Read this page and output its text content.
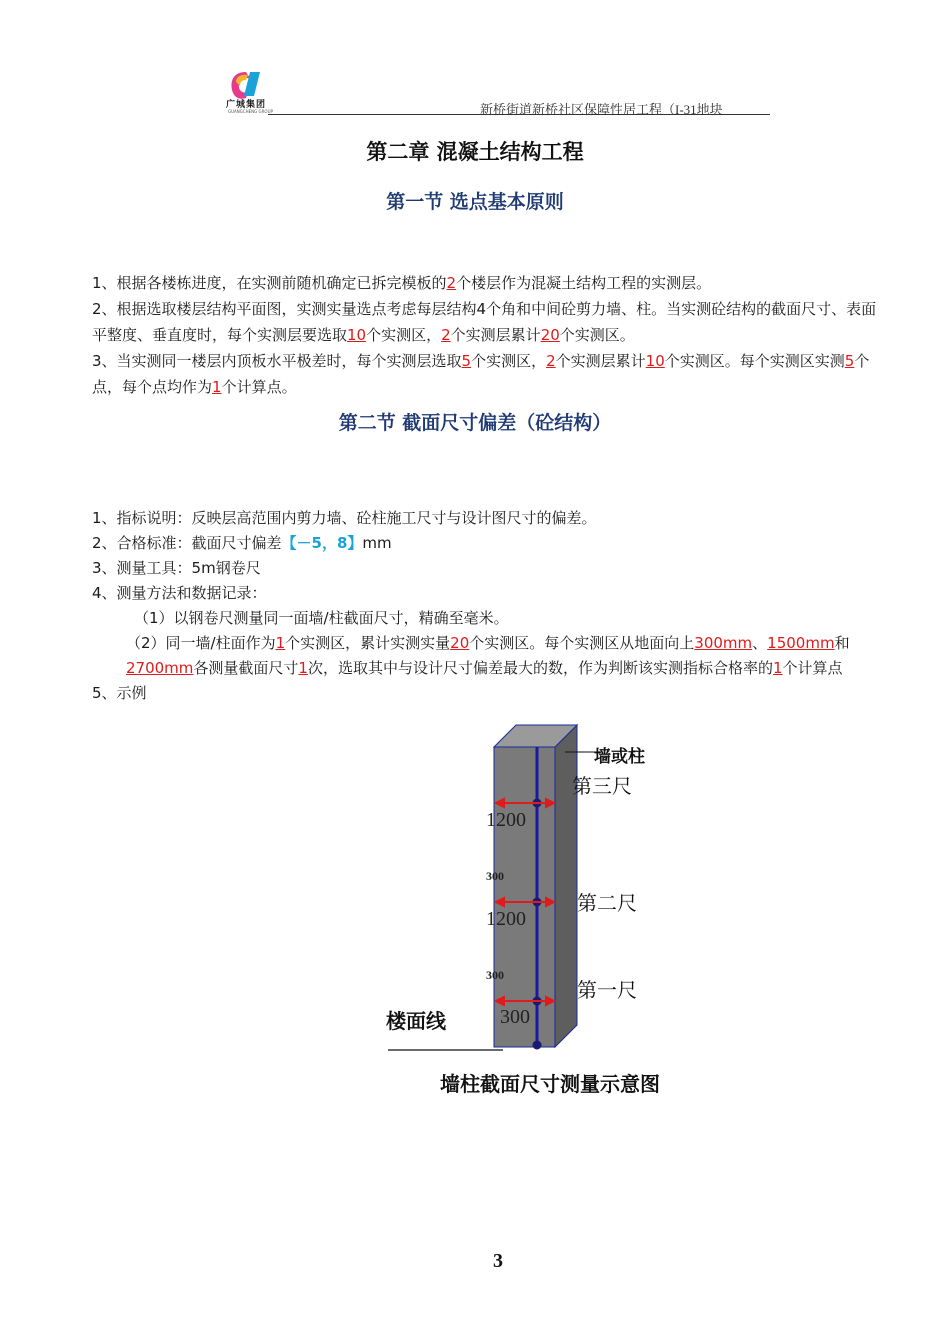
广城集团
GUANGCHENG GROUP	新桥街道新桥社区保障性居工程（I-31地块
第二章 混凝土结构工程
第一节 选点基本原则

1、根据各楼栋进度，在实测前随机确定已拆完模板的2个楼层作为混凝土结构工程的实测层。

2、根据选取楼层结构平面图，实测实量选点考虑每层结构4个角和中间砼剪力墙、柱。当实测砼结构的截面尺寸、表面平整度、垂直度时，每个实测层要选取10个实测区，2个实测层累计20个实测区。

3、当实测同一楼层内顶板水平极差时，每个实测层选取5个实测区，2个实测层累计10个实测区。每个实测区实测5个点，每个点均作为1个计算点。

第二节 截面尺寸偏差（砼结构）

1、指标说明：反映层高范围内剪力墙、砼柱施工尺寸与设计图尺寸的偏差。

2、合格标准：截面尺寸偏差【－5，8】mm

3、测量工具：5m钢卷尺

4、测量方法和数据记录：

（1）以钢卷尺测量同一面墙/柱截面尺寸，精确至毫米。

（2）同一墙/柱面作为1个实测区，累计实测实量20个实测区。每个实测区从地面向上300mm、1500mm和2700mm各测量截面尺寸1次，选取其中与设计尺寸偏差最大的数，作为判断该实测指标合格率的1个计算点

5、示例

墙或柱
第三尺
1200
300
第二尺
1200
300
第一尺
楼面线	300
墙柱截面尺寸测量示意图
3
